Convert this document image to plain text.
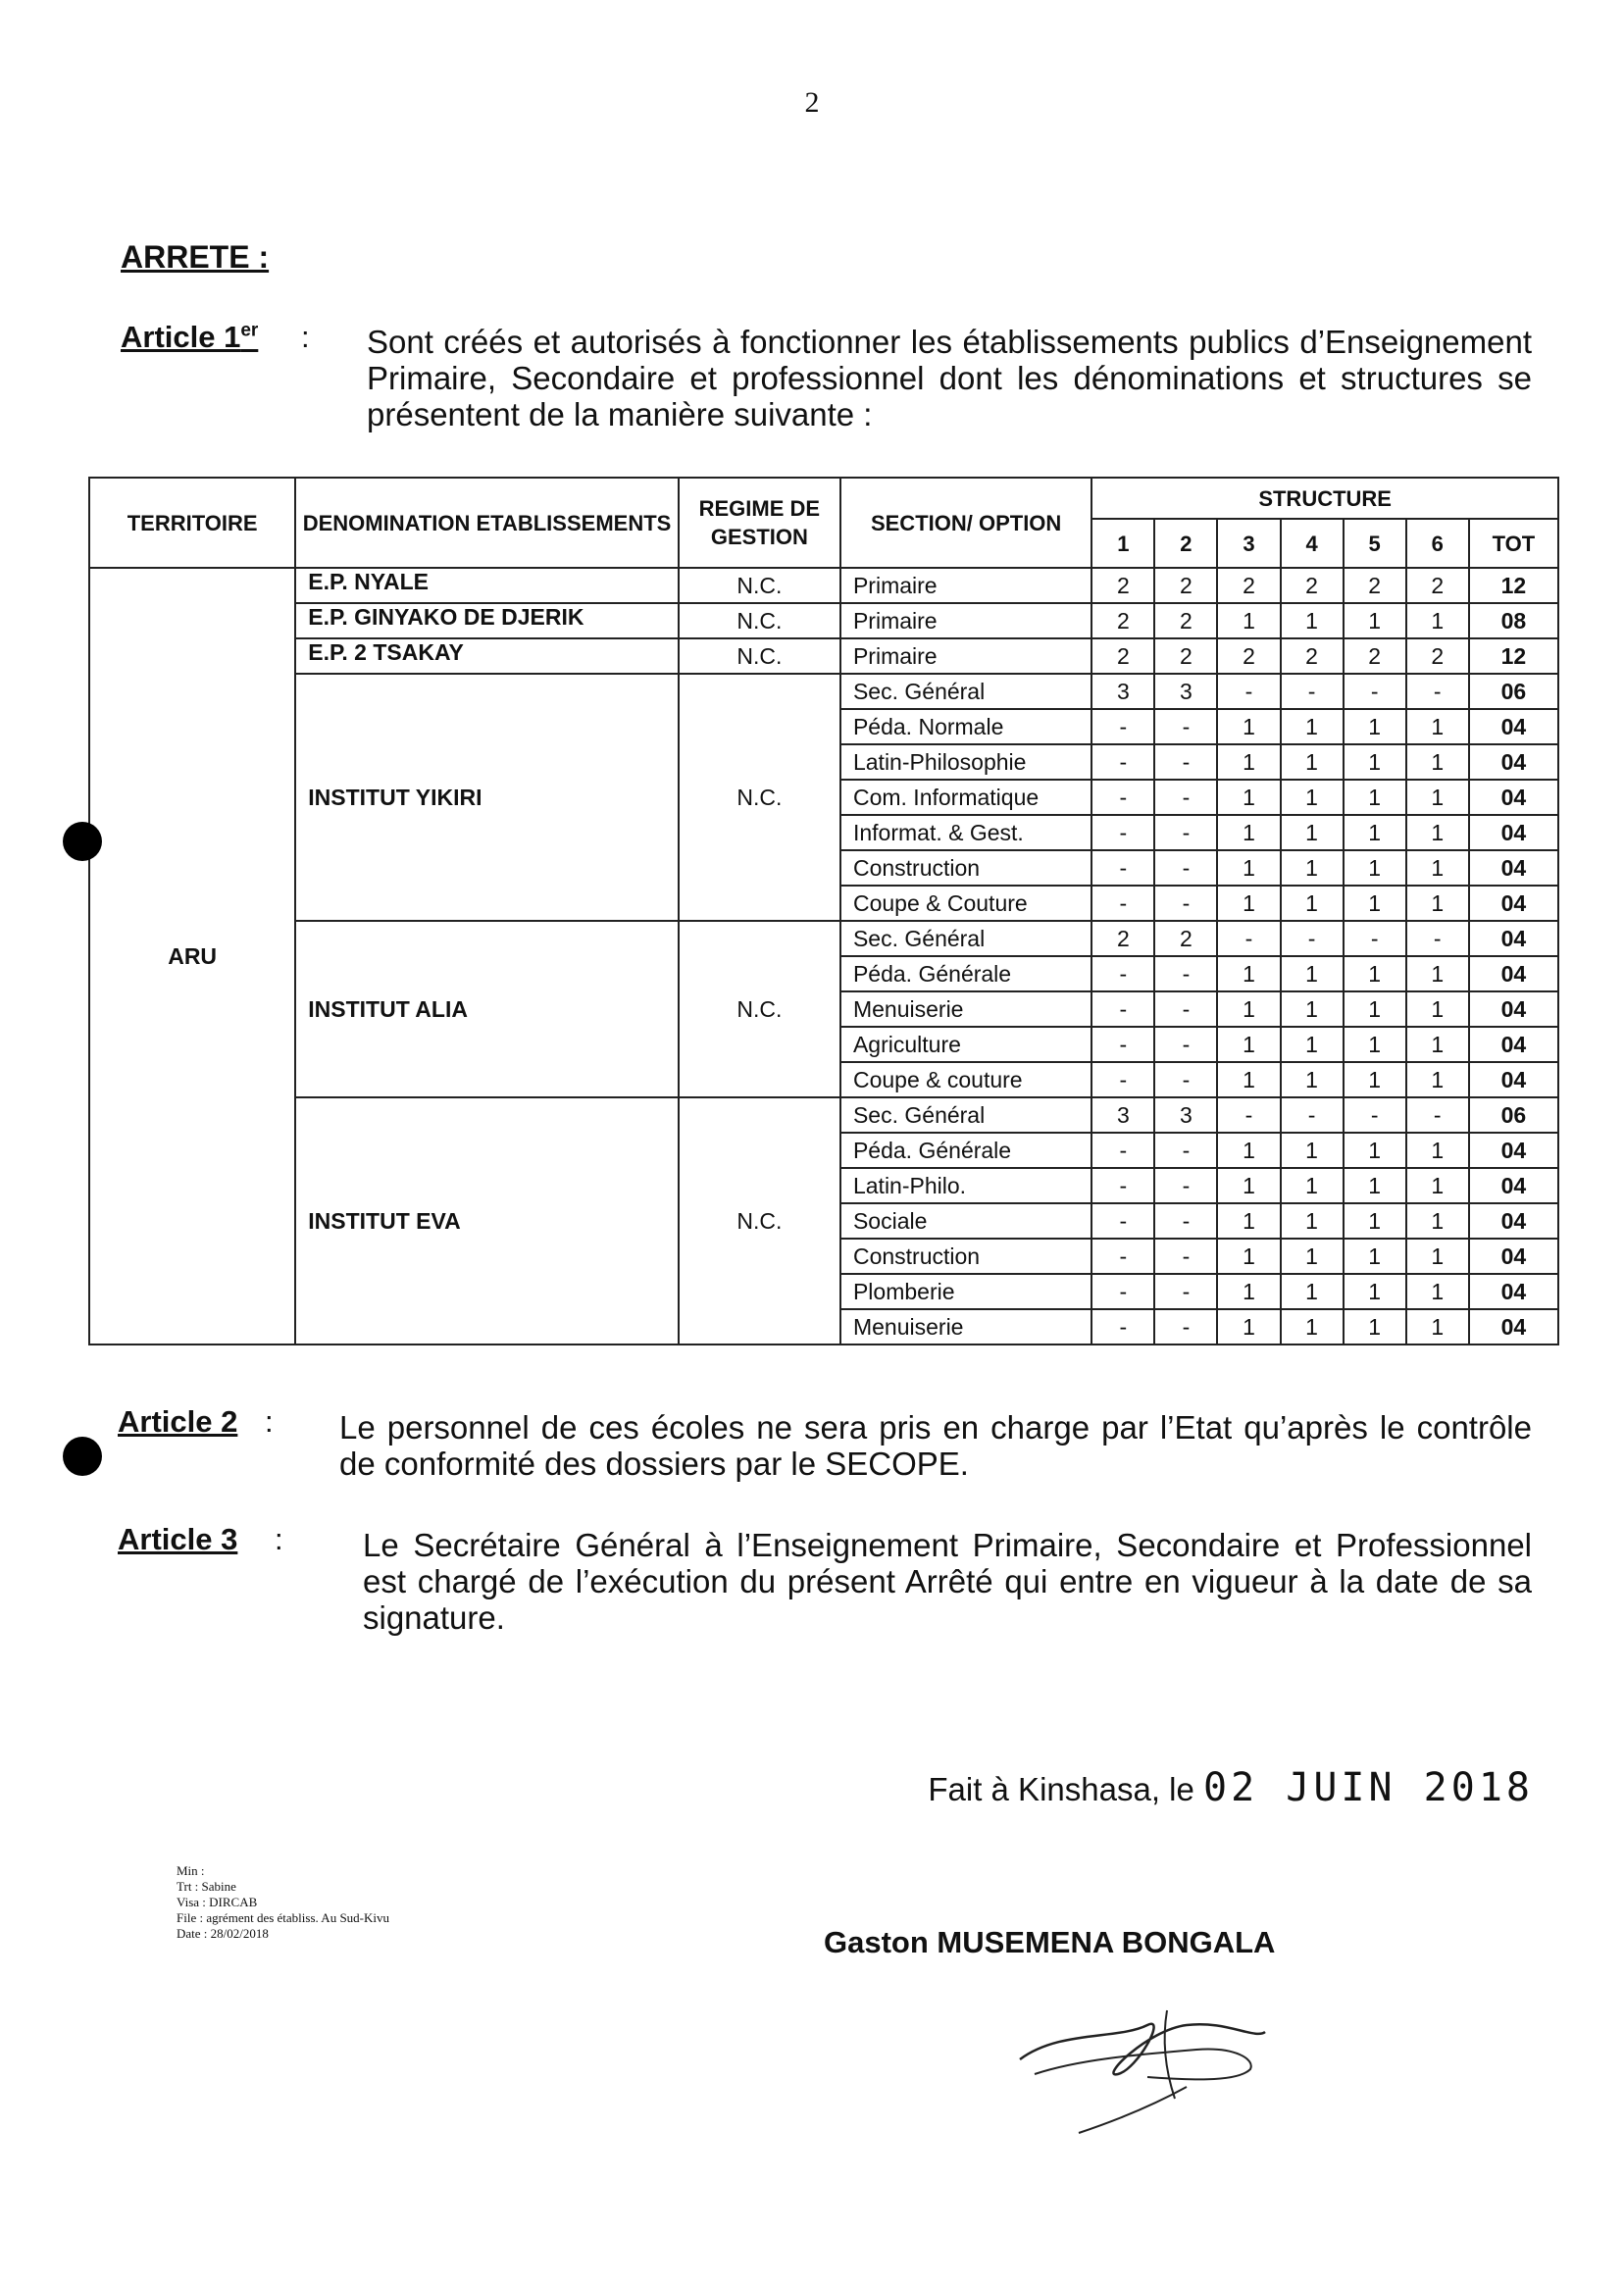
2
ARRETE :
Article 1er : Sont créés et autorisés à fonctionner les établissements publics d’Enseignement Primaire, Secondaire et professionnel dont les dénominations et structures se présentent de la manière suivante :
TERRITOIRE	DENOMINATION ETABLISSEMENTS	REGIME DE GESTION	SECTION/ OPTION	STRUCTURE						
				1	2	3	4	5	6	TOT
ARU	E.P. NYALE	N.C.	Primaire	2	2	2	2	2	2	12
	E.P. GINYAKO DE DJERIK	N.C.	Primaire	2	2	1	1	1	1	08
	E.P. 2 TSAKAY	N.C.	Primaire	2	2	2	2	2	2	12
	INSTITUT YIKIRI	N.C.	Sec. Général	3	3	-	-	-	-	06
			Péda. Normale	-	-	1	1	1	1	04
			Latin-Philosophie	-	-	1	1	1	1	04
			Com. Informatique	-	-	1	1	1	1	04
			Informat. & Gest.	-	-	1	1	1	1	04
			Construction	-	-	1	1	1	1	04
			Coupe & Couture	-	-	1	1	1	1	04
	INSTITUT ALIA	N.C.	Sec. Général	2	2	-	-	-	-	04
			Péda. Générale	-	-	1	1	1	1	04
			Menuiserie	-	-	1	1	1	1	04
			Agriculture	-	-	1	1	1	1	04
			Coupe & couture	-	-	1	1	1	1	04
	INSTITUT EVA	N.C.	Sec. Général	3	3	-	-	-	-	06
			Péda. Générale	-	-	1	1	1	1	04
			Latin-Philo.	-	-	1	1	1	1	04
			Sociale	-	-	1	1	1	1	04
			Construction	-	-	1	1	1	1	04
			Plomberie	-	-	1	1	1	1	04
			Menuiserie	-	-	1	1	1	1	04
Article 2 : Le personnel de ces écoles ne sera pris en charge par l’Etat qu’après le contrôle de conformité des dossiers par le SECOPE.
Article 3 : Le Secrétaire Général à l’Enseignement Primaire, Secondaire et Professionnel est chargé de l’exécution du présent Arrêté qui entre en vigueur à la date de sa signature.
Fait à Kinshasa, le 02 JUIN 2018
Min :
Trt : Sabine
Visa : DIRCAB
File : agrément des établiss. Au Sud-Kivu
Date : 28/02/2018	Gaston MUSEMENA BONGALA
